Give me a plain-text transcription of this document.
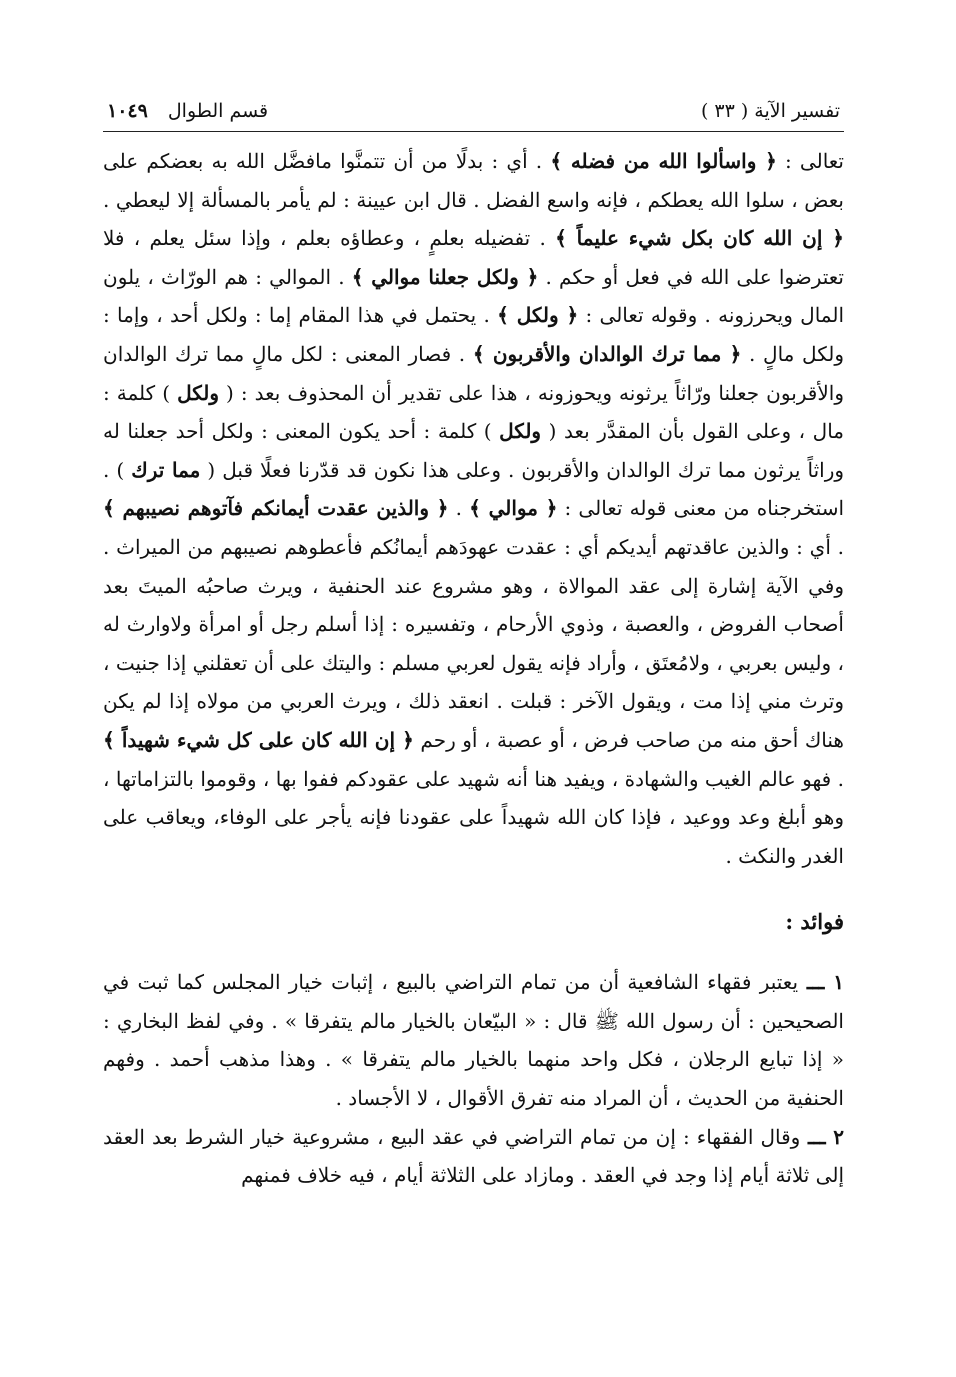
تفسير الآية ( ٣٣ )
قسم الطوال ١٠٤٩

تعالى : ﴿ واسألوا الله من فضله ﴾ . أي : بدلًا من أن تتمنَّوا مافضَّل الله به بعضكم على بعض ، سلوا الله يعطكم ، فإنه واسع الفضل . قال ابن عيينة : لم يأمر بالمسألة إلا ليعطي . ﴿ إن الله كان بكل شيء عليماً ﴾ . تفضيله بعلمٍ ، وعطاؤه بعلم ، وإذا سئل يعلم ، فلا تعترضوا على الله في فعل أو حكم . ﴿ ولكل جعلنا موالي ﴾ . الموالي : هم الورّاث ، يلون المال ويحرزونه . وقوله تعالى : ﴿ ولكل ﴾ . يحتمل في هذا المقام إما : ولكل أحد ، وإما : ولكل مالٍ . ﴿ مما ترك الوالدان والأقربون ﴾ . فصار المعنى : لكل مالٍ مما ترك الوالدان والأقربون جعلنا ورّاثاً يرثونه ويحوزونه ، هذا على تقدير أن المحذوف بعد : ( ولكل ) كلمة : مال ، وعلى القول بأن المقدَّر بعد ( ولكل ) كلمة : أحد يكون المعنى : ولكل أحد جعلنا له وراثاً يرثون مما ترك الوالدان والأقربون . وعلى هذا نكون قد قدّرنا فعلًا قبل ( مما ترك ) . استخرجناه من معنى قوله تعالى : ﴿ موالي ﴾ . ﴿ والذين عقدت أيمانكم فآتوهم نصيبهم ﴾ . أي : والذين عاقدتهم أيديكم أي : عقدت عهودَهم أيمانُكم فأعطوهم نصيبهم من الميراث . وفي الآية إشارة إلى عقد الموالاة ، وهو مشروع عند الحنفية ، ويرث صاحبُه الميتَ بعد أصحاب الفروض ، والعصبة ، وذوي الأرحام ، وتفسيره : إذا أسلم رجل أو امرأة ولاوارث له ، وليس بعربي ، ولامُعتَق ، وأراد فإنه يقول لعربي مسلم : واليتك على أن تعقلني إذا جنيت ، وترث مني إذا مت ، ويقول الآخر : قبلت . انعقد ذلك ، ويرث العربي من مولاه إذا لم يكن هناك أحق منه من صاحب فرض ، أو عصبة ، أو رحم ﴿ إن الله كان على كل شيء شهيداً ﴾ . فهو عالم الغيب والشهادة ، ويفيد هنا أنه شهيد على عقودكم ففوا بها ، وقوموا بالتزاماتها ، وهو أبلغ وعد ووعيد ، فإذا كان الله شهيداً على عقودنا فإنه يأجر على الوفاء، ويعاقب على الغدر والنكث .

فوائد :

١ ـــ يعتبر فقهاء الشافعية أن من تمام التراضي بالبيع ، إثبات خيار المجلس كما ثبت في الصحيحين : أن رسول الله ﷺ قال : « البيّعان بالخيار مالم يتفرقا » . وفي لفظ البخاري : « إذا تبايع الرجلان ، فكل واحد منهما بالخيار مالم يتفرقا » . وهذا مذهب أحمد . وفهم الحنفية من الحديث ، أن المراد منه تفرق الأقوال ، لا الأجساد .

٢ ـــ وقال الفقهاء : إن من تمام التراضي في عقد البيع ، مشروعية خيار الشرط بعد العقد إلى ثلاثة أيام إذا وجد في العقد . ومازاد على الثلاثة أيام ، فيه خلاف فمنهم
